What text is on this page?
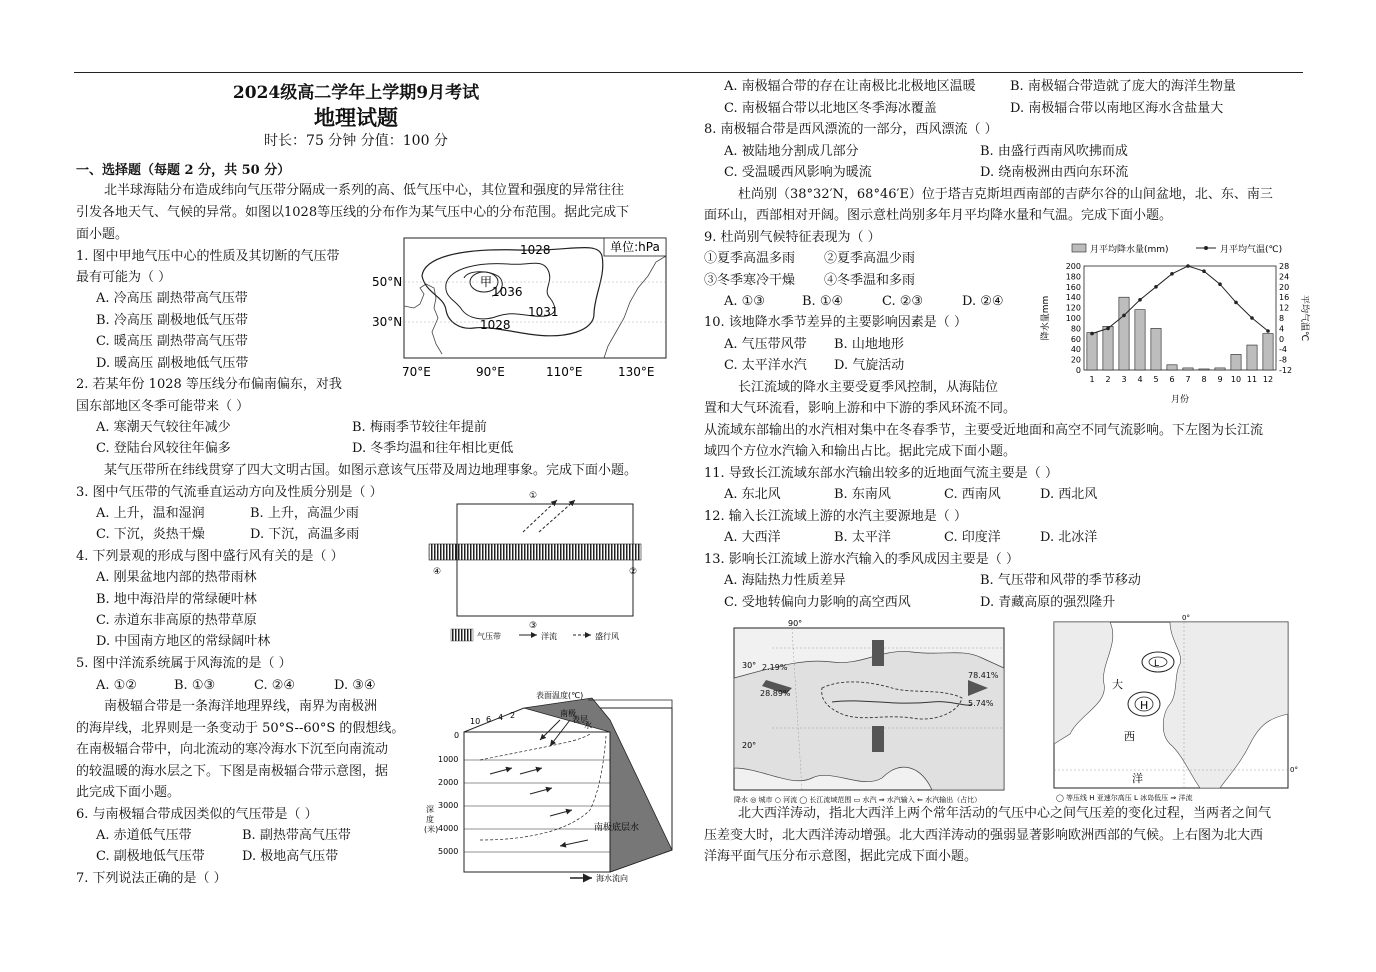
2024级高二学年上学期9月考试
地理试题
时长：75 分钟 分值：100 分
一、选择题（每题 2 分，共 50 分）
北半球海陆分布造成纬向气压带分隔成一系列的高、低气压中心，其位置和强度的异常往往
引发各地天气、气候的异常。如图以1028等压线的分布作为某气压中心的分布范围。据此完成下
面小题。
1. 图中甲地气压中心的性质及其切断的气压带
最有可能为（ ）
A. 冷高压 副热带高气压带
B. 冷高压 副极地低气压带
C. 暖高压 副热带高气压带
D. 暖高压 副极地低气压带
2. 若某年份 1028 等压线分布偏南偏东，对我
国东部地区冬季可能带来（ ）
A. 寒潮天气较往年减少	B. 梅雨季节较往年提前
C. 登陆台风较往年偏多	D. 冬季均温和往年相比更低
某气压带所在纬线贯穿了四大文明古国。如图示意该气压带及周边地理事象。完成下面小题。
3. 图中气压带的气流垂直运动方向及性质分别是（ ）
A. 上升，温和湿润	B. 上升，高温少雨
C. 下沉，炎热干燥	D. 下沉，高温多雨
4. 下列景观的形成与图中盛行风有关的是（ ）
A. 刚果盆地内部的热带雨林
B. 地中海沿岸的常绿硬叶林
C. 赤道东非高原的热带草原
D. 中国南方地区的常绿阔叶林
5. 图中洋流系统属于风海流的是（ ）
A. ①②	B. ①③	C. ②④	D. ③④
南极辐合带是一条海洋地理界线，南界为南极洲
的海岸线，北界则是一条变动于 50°S--60°S 的假想线。
在南极辐合带中，向北流动的寒冷海水下沉至向南流动
的较温暖的海水层之下。下图是南极辐合带示意图，据
此完成下面小题。
6. 与南极辐合带成因类似的气压带是（ ）
A. 赤道低气压带	B. 副热带高气压带
C. 副极地低气压带	D. 极地高气压带
7. 下列说法正确的是（ ）
单位:hPa
1028
甲
1036
1031
1028
50°N
30°N
70°E	90°E	110°E	130°E
①
②
③
④
气压带	洋流	盛行风
表面温度(℃)
10 6 4 2	南极
表层
水
0
1000
2000
3000
4000
5000
深
度
(米)	南极底层水
海水流向
A. 南极辐合带的存在让南极比北极地区温暖	B. 南极辐合带造就了庞大的海洋生物量
C. 南极辐合带以北地区冬季海冰覆盖	D. 南极辐合带以南地区海水含盐量大
8. 南极辐合带是西风漂流的一部分，西风漂流（ ）
A. 被陆地分割成几部分	B. 由盛行西南风吹拂而成
C. 受温暖西风影响为暖流	D. 绕南极洲由西向东环流
杜尚别（38°32′N，68°46′E）位于塔吉克斯坦西南部的吉萨尔谷的山间盆地，北、东、南三
面环山，西部相对开阔。图示意杜尚别多年月平均降水量和气温。完成下面小题。
9. 杜尚别气候特征表现为（ ）
①夏季高温多雨 ②夏季高温少雨
③冬季寒冷干燥 ④冬季温和多雨
A. ①③	B. ①④	C. ②③	D. ②④
10. 该地降水季节差异的主要影响因素是（ ）
A. 气压带风带 B. 山地地形
C. 太平洋水汽 D. 气旋活动
长江流域的降水主要受夏季风控制，从海陆位
置和大气环流看，影响上游和中下游的季风环流不同。
从流域东部输出的水汽相对集中在冬春季节，主要受近地面和高空不同气流影响。下左图为长江流
域四个方位水汽输入和输出占比。据此完成下面小题。
11. 导致长江流域东部水汽输出较多的近地面气流主要是（ ）
A. 东北风	B. 东南风	C. 西南风	D. 西北风
12. 输入长江流域上游的水汽主要源地是（ ）
A. 大西洋	B. 太平洋	C. 印度洋	D. 北冰洋
13. 影响长江流域上游水汽输入的季风成因主要是（ ）
A. 海陆热力性质差异	B. 气压带和风带的季节移动
C. 受地转偏向力影响的高空西风	D. 青藏高原的强烈隆升
北大西洋涛动，指北大西洋上两个常年活动的气压中心之间气压差的变化过程，当两者之间气
压差变大时，北大西洋涛动增强。北大西洋涛动的强弱显著影响欧洲西部的气候。上右图为北大西
洋海平面气压分布示意图，据此完成下面小题。
月平均降水量(mm)	月平均气温(℃)
0
20
40
60
80
100
120
140
160
180
200
-12
-8
-4
0
4
8
12
16
20
24
28
1 2 3 4 5 6 7 8 9 10 11 12
降水量mm	平均气温℃
月份
2.19%
28.89%
78.41%
5.74%
30°
20°
90°
降水 ◎ 城市 ○ 河流 ◯ 长江流域范围 ▭ 水汽 ⇒ 水汽输入 ⇐ 水汽输出（占比）
H
L
大
西
洋
0°
0°
◯ 等压线 H 亚速尔高压 L 冰岛低压 ⇒ 洋流
